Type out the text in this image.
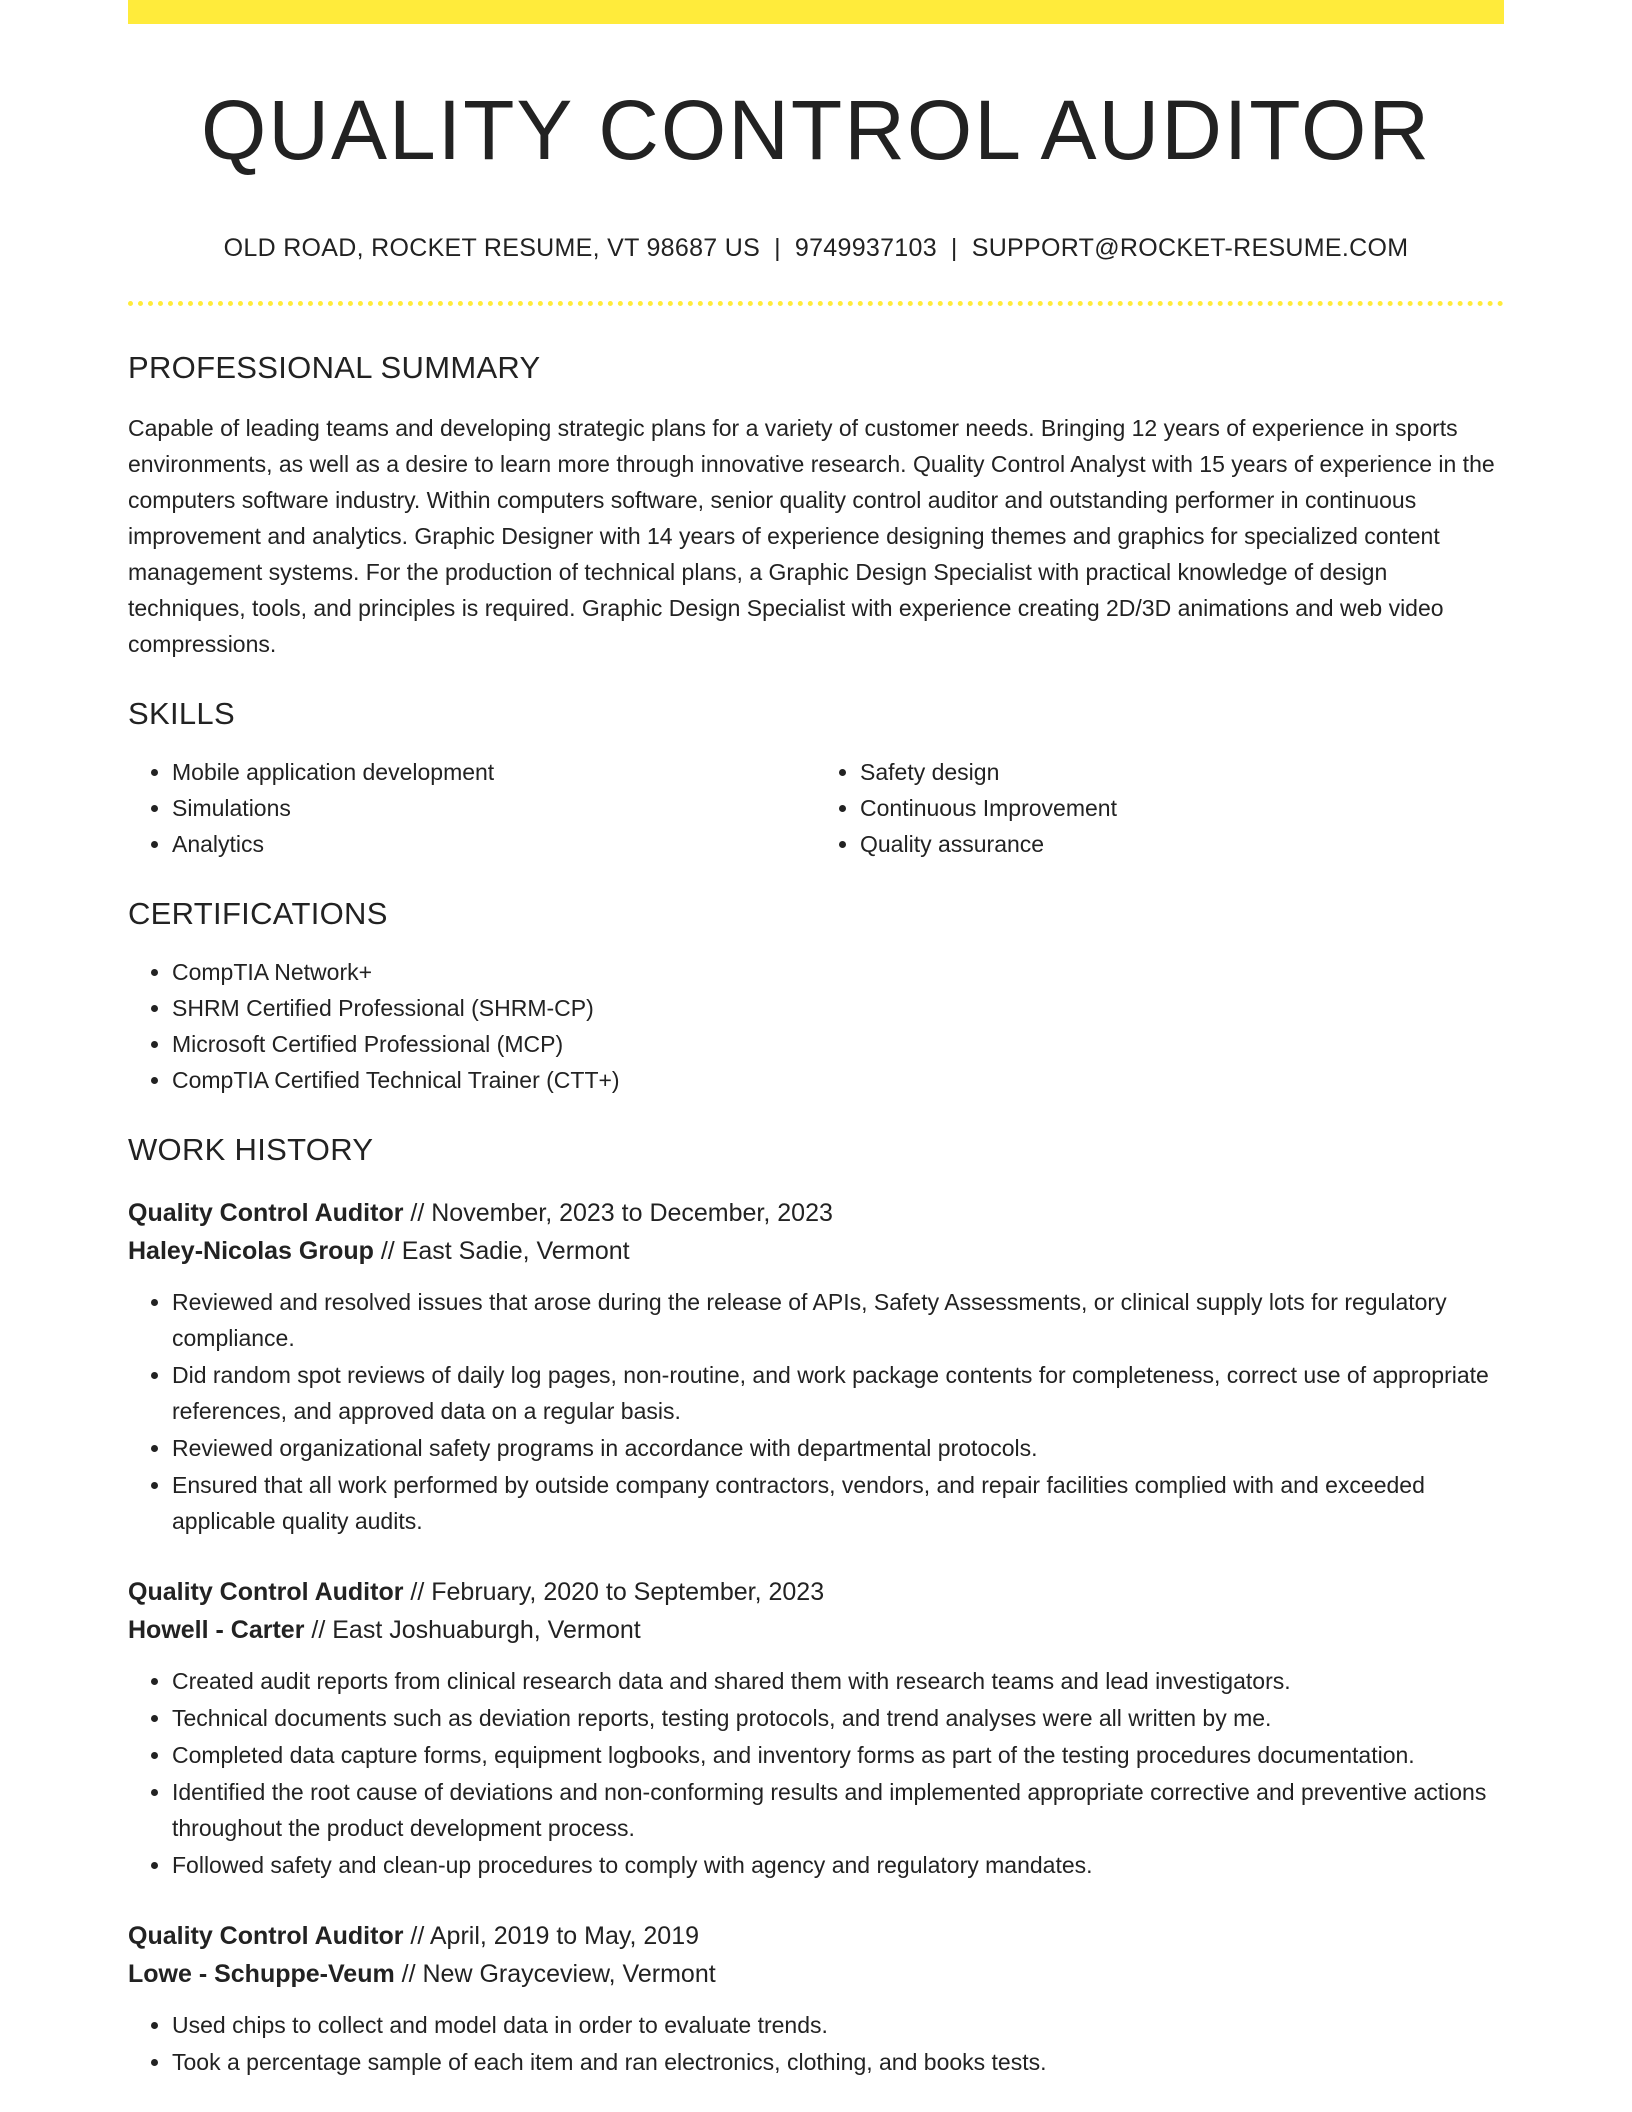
QUALITY CONTROL AUDITOR
OLD ROAD, ROCKET RESUME, VT 98687 US | 9749937103 | SUPPORT@ROCKET-RESUME.COM
PROFESSIONAL SUMMARY

Capable of leading teams and developing strategic plans for a variety of customer needs. Bringing 12 years of experience in sports environments, as well as a desire to learn more through innovative research. Quality Control Analyst with 15 years of experience in the computers software industry. Within computers software, senior quality control auditor and outstanding performer in continuous improvement and analytics. Graphic Designer with 14 years of experience designing themes and graphics for specialized content management systems. For the production of technical plans, a Graphic Design Specialist with practical knowledge of design techniques, tools, and principles is required. Graphic Design Specialist with experience creating 2D/3D animations and web video compressions.

SKILLS
• Mobile application development
• Simulations
• Analytics
• Safety design
• Continuous Improvement
• Quality assurance
CERTIFICATIONS
• CompTIA Network+
• SHRM Certified Professional (SHRM-CP)
• Microsoft Certified Professional (MCP)
• CompTIA Certified Technical Trainer (CTT+)
WORK HISTORY
Quality Control Auditor // November, 2023 to December, 2023
Haley-Nicolas Group // East Sadie, Vermont
• Reviewed and resolved issues that arose during the release of APIs, Safety Assessments, or clinical supply lots for regulatory compliance.
• Did random spot reviews of daily log pages, non-routine, and work package contents for completeness, correct use of appropriate references, and approved data on a regular basis.
• Reviewed organizational safety programs in accordance with departmental protocols.
• Ensured that all work performed by outside company contractors, vendors, and repair facilities complied with and exceeded applicable quality audits.
Quality Control Auditor // February, 2020 to September, 2023
Howell - Carter // East Joshuaburgh, Vermont
• Created audit reports from clinical research data and shared them with research teams and lead investigators.
• Technical documents such as deviation reports, testing protocols, and trend analyses were all written by me.
• Completed data capture forms, equipment logbooks, and inventory forms as part of the testing procedures documentation.
• Identified the root cause of deviations and non-conforming results and implemented appropriate corrective and preventive actions throughout the product development process.
• Followed safety and clean-up procedures to comply with agency and regulatory mandates.
Quality Control Auditor // April, 2019 to May, 2019
Lowe - Schuppe-Veum // New Grayceview, Vermont
• Used chips to collect and model data in order to evaluate trends.
• Took a percentage sample of each item and ran electronics, clothing, and books tests.
